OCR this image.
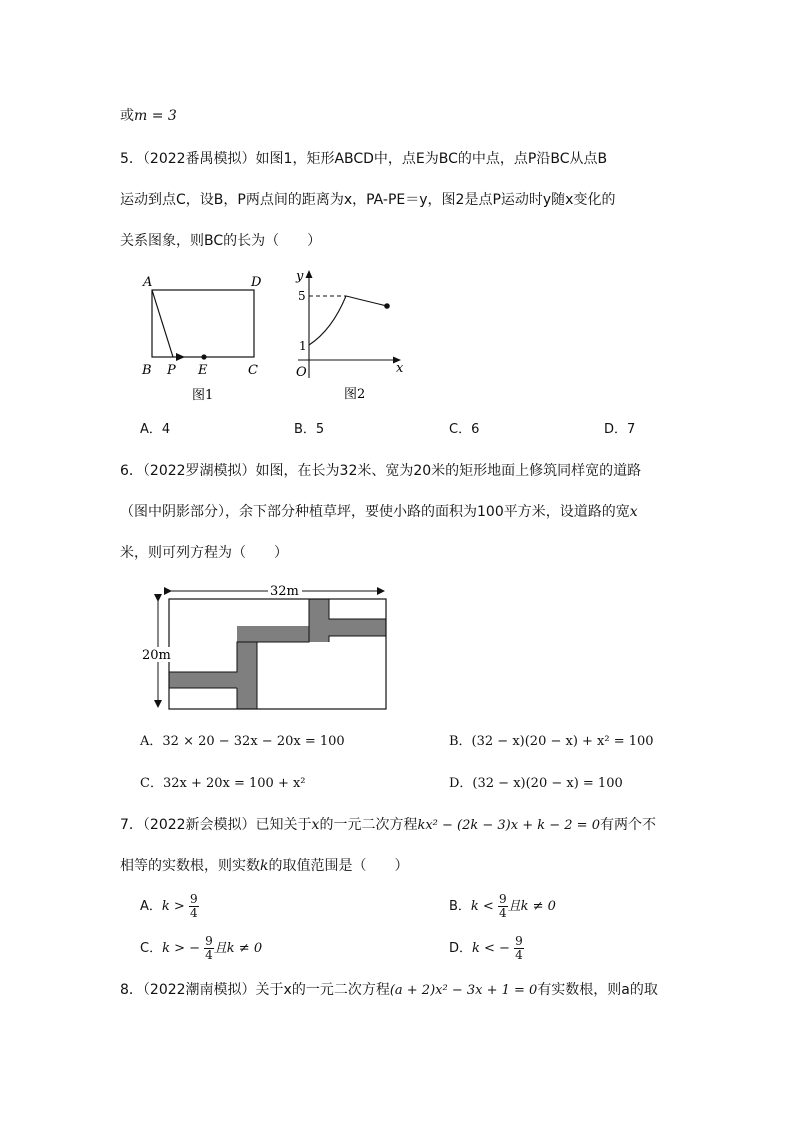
或m = 3
5．（2022番禺模拟）如图1，矩形ABCD中，点E为BC的中点，点P沿BC从点B
运动到点C，设B，P两点间的距离为x，PA-PE＝y，图2是点P运动时y随x变化的
关系图象，则BC的长为（　　）
A	D
B P E	C
图1
y
5
1
O	x
图2
A．4	B．5	C．6	D．7
6．（2022罗湖模拟）如图，在长为32米、宽为20米的矩形地面上修筑同样宽的道路
（图中阴影部分），余下部分种植草坪，要使小路的面积为100平方米，设道路的宽x
米，则可列方程为（　　）
32m
20m
A．32 × 20 − 32x − 20x = 100	B．(32 − x)(20 − x) + x² = 100
C．32x + 20x = 100 + x²	D．(32 − x)(20 − x) = 100
7．（2022新会模拟）已知关于x的一元二次方程kx² − (2k − 3)x + k − 2 = 0有两个不
相等的实数根，则实数k的取值范围是（　　）
A．$k > \frac{9}{4}$	B．$k < \frac{9}{4}$ 且k ≠ 0
C．k > − $\frac{9}{4}$ 且k ≠ 0	D．k < − $\frac{9}{4}$
8．（2022潮南模拟）关于x的一元二次方程(a + 2)x² − 3x + 1 = 0有实数根，则a的取
